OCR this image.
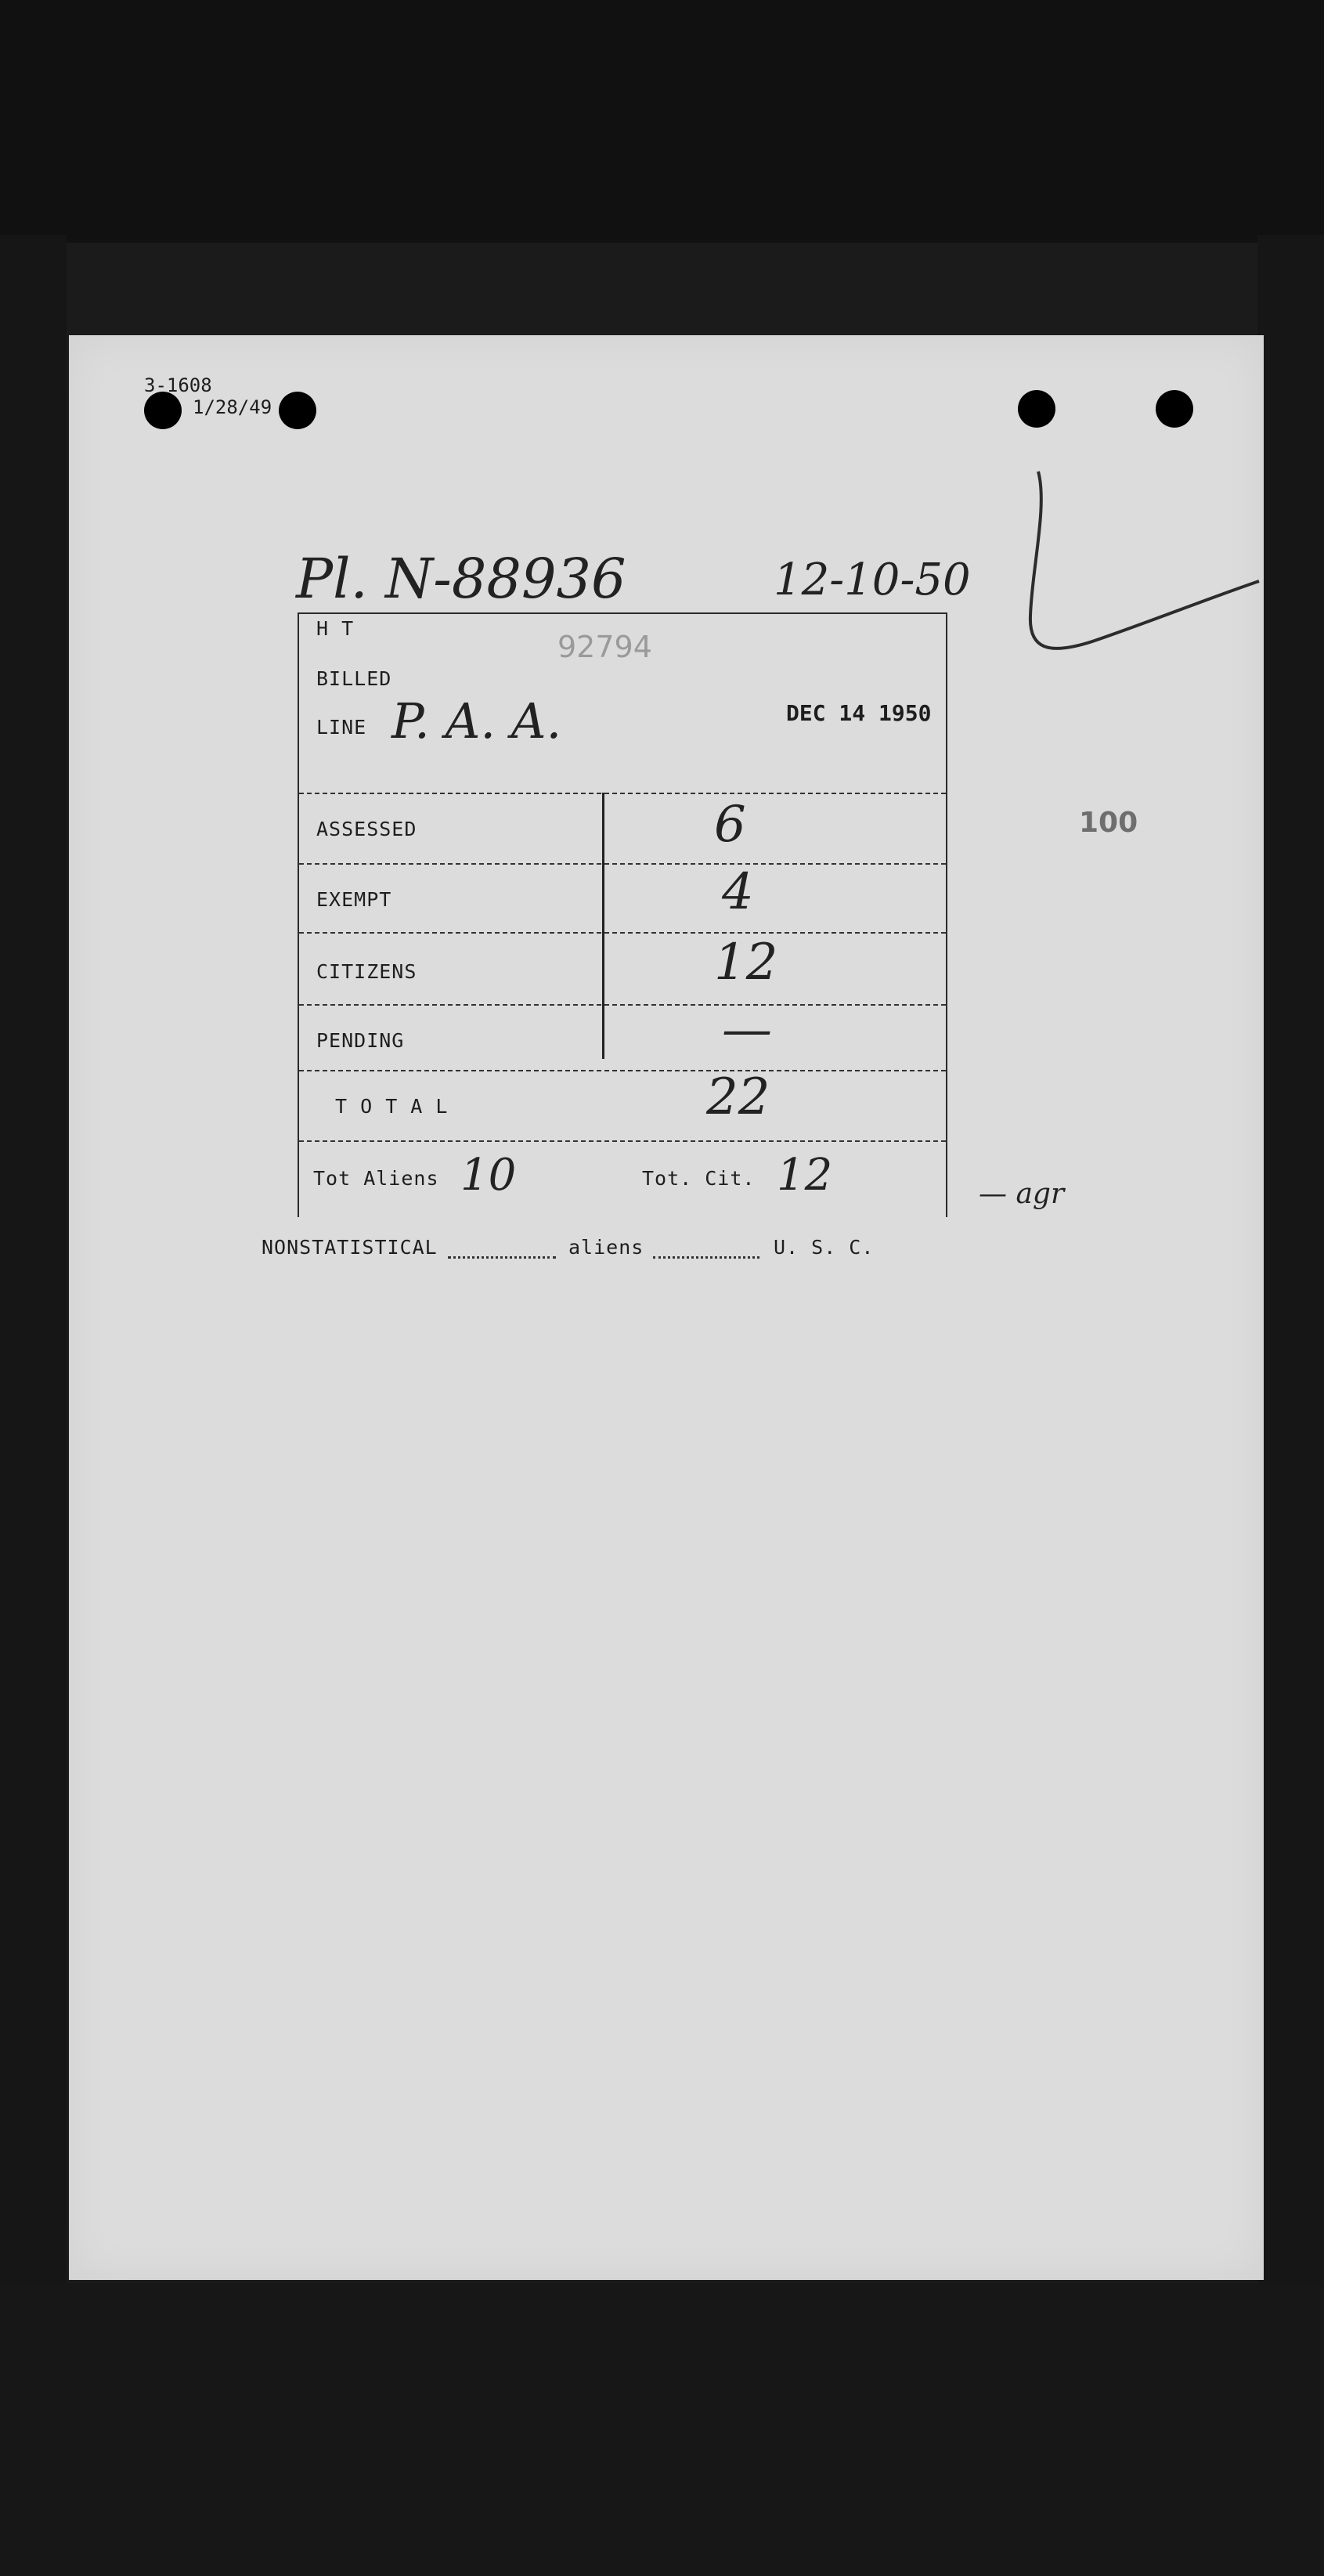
3-1608
1/28/49
Pl. N-88936	12-10-50
H T
92794
BILLED
LINE P. A. A.	DEC 14 1950
ASSESSED	6
EXEMPT	4
CITIZENS	12
PENDING	—
T O T A L	22
Tot Aliens 10	Tot. Cit. 12
100
— agr
NONSTATISTICAL	aliens	U. S. C.
